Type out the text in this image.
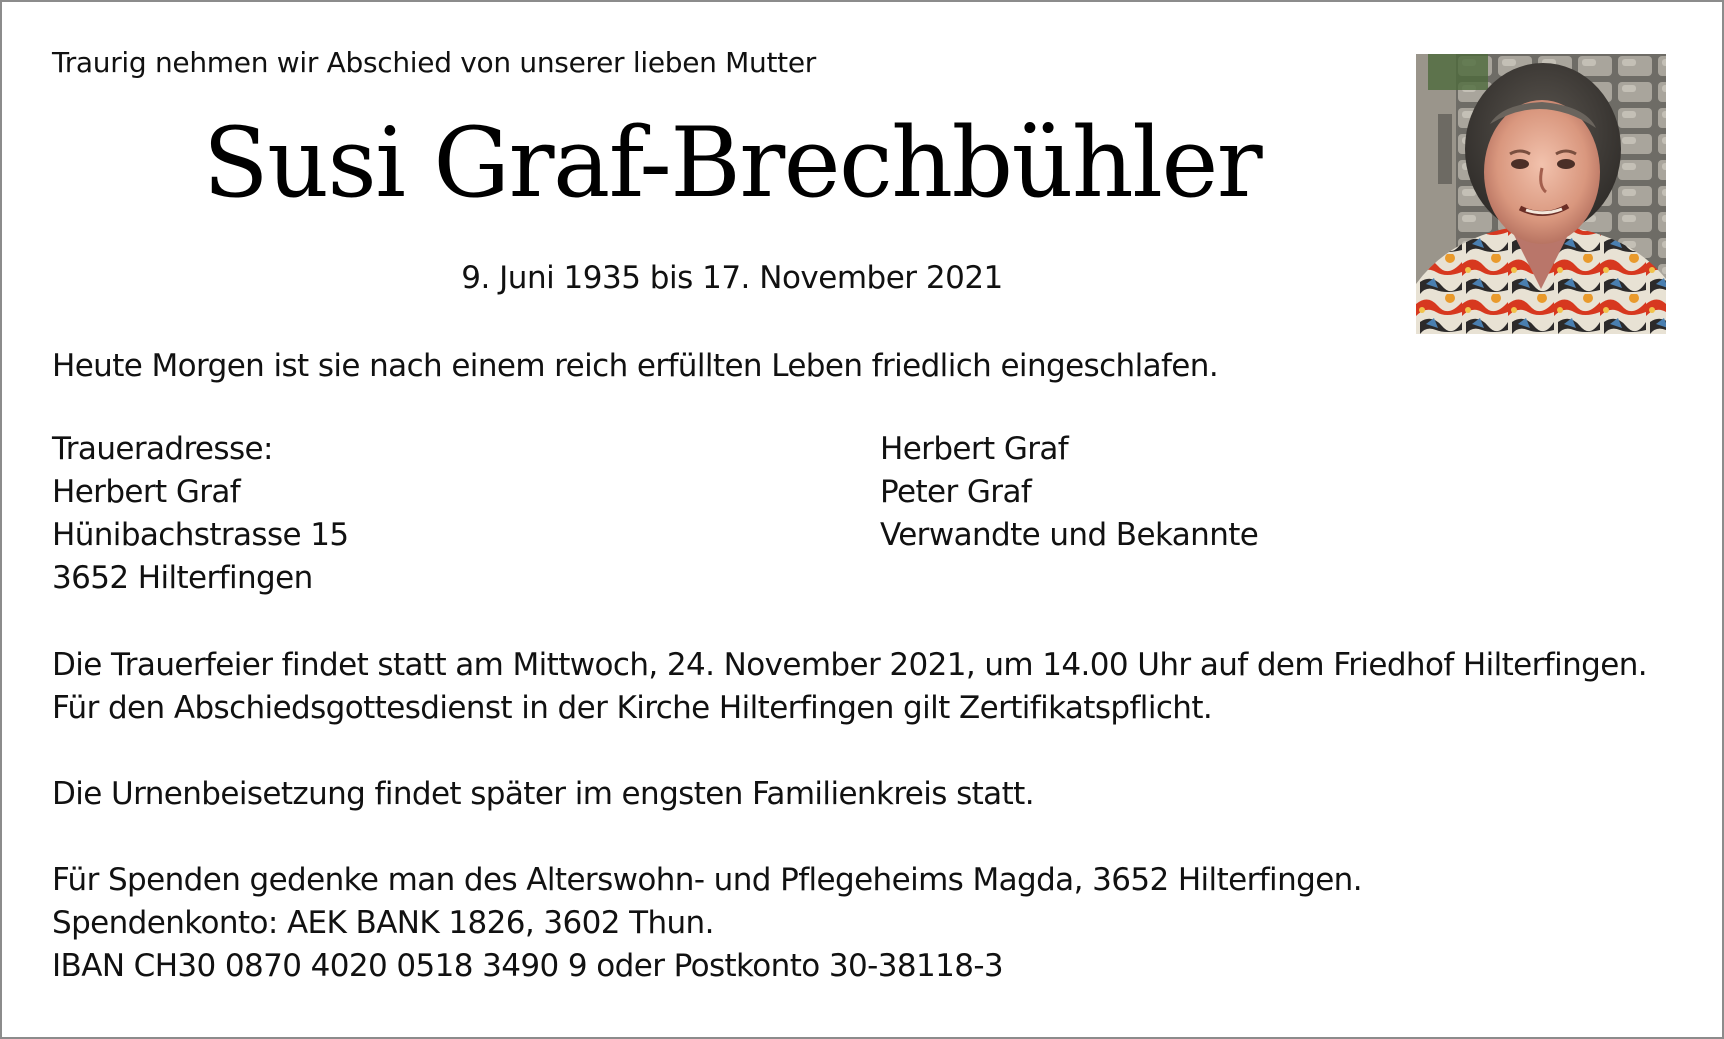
Traurig nehmen wir Abschied von unserer lieben Mutter
Susi Graf-Brechbühler
9. Juni 1935 bis 17. November 2021
Heute Morgen ist sie nach einem reich erfüllten Leben friedlich eingeschlafen.
Traueradresse:
Herbert Graf
Hünibachstrasse 15
3652 Hilterfingen
Herbert Graf
Peter Graf
Verwandte und Bekannte
Die Trauerfeier findet statt am Mittwoch, 24. November 2021, um 14.00 Uhr auf dem Friedhof Hilterfingen.
Für den Abschiedsgottesdienst in der Kirche Hilterfingen gilt Zertifikatspflicht.
Die Urnenbeisetzung findet später im engsten Familienkreis statt.
Für Spenden gedenke man des Alterswohn- und Pflegeheims Magda, 3652 Hilterfingen.
Spendenkonto: AEK BANK 1826, 3602 Thun.
IBAN CH30 0870 4020 0518 3490 9 oder Postkonto 30-38118-3
